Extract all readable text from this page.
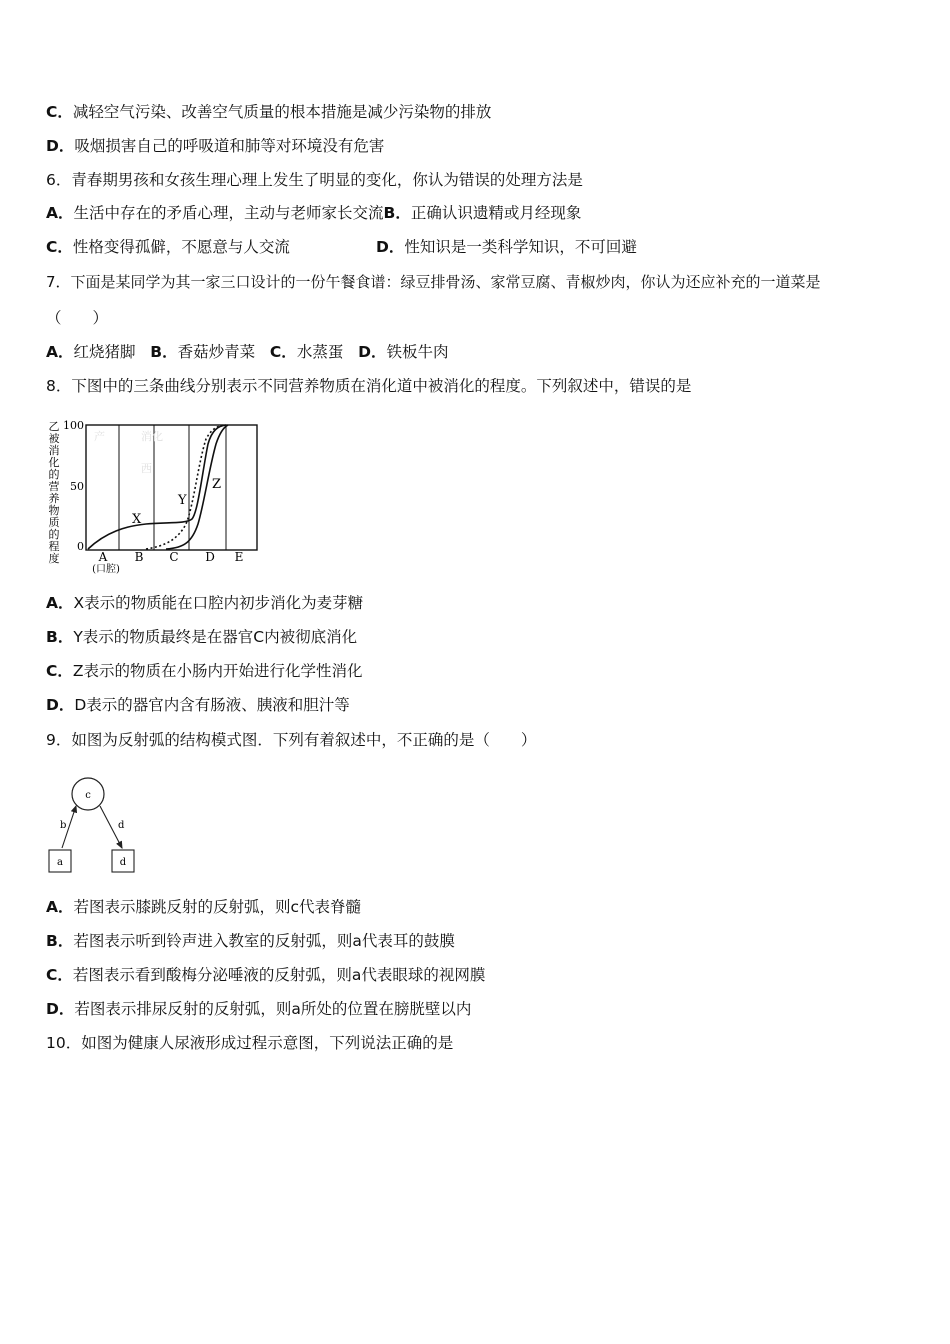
C．减轻空气污染、改善空气质量的根本措施是减少污染物的排放
D．吸烟损害自己的呼吸道和肺等对环境没有危害
6．青春期男孩和女孩生理心理上发生了明显的变化，你认为错误的处理方法是
A．生活中存在的矛盾心理，主动与老师家长交流B．正确认识遗精或月经现象
C．性格变得孤僻，不愿意与人交流	D．性知识是一类科学知识，不可回避
7．下面是某同学为其一家三口设计的一份午餐食谱：绿豆排骨汤、家常豆腐、青椒炒肉，你认为还应补充的一道菜是
（　　）
A．红烧猪脚 B．香菇炒青菜 C．水蒸蛋 D．铁板牛肉
8．下图中的三条曲线分别表示不同营养物质在消化道中被消化的程度。下列叙述中，错误的是
乙
被
消
化
的
营
养
物
质
的
程
度
产	消化
西
100
50
0
X
Y
Z
A B C D E
(口腔)
A．X表示的物质能在口腔内初步消化为麦芽糖
B．Y表示的物质最终是在器官C内被彻底消化
C．Z表示的物质在小肠内开始进行化学性消化
D．D表示的器官内含有肠液、胰液和胆汁等
9．如图为反射弧的结构模式图．下列有着叙述中，不正确的是（　　）
c
b	d
a	d
A．若图表示膝跳反射的反射弧，则c代表脊髓
B．若图表示听到铃声进入教室的反射弧，则a代表耳的鼓膜
C．若图表示看到酸梅分泌唾液的反射弧，则a代表眼球的视网膜
D．若图表示排尿反射的反射弧，则a所处的位置在膀胱壁以内
10．如图为健康人尿液形成过程示意图，下列说法正确的是
